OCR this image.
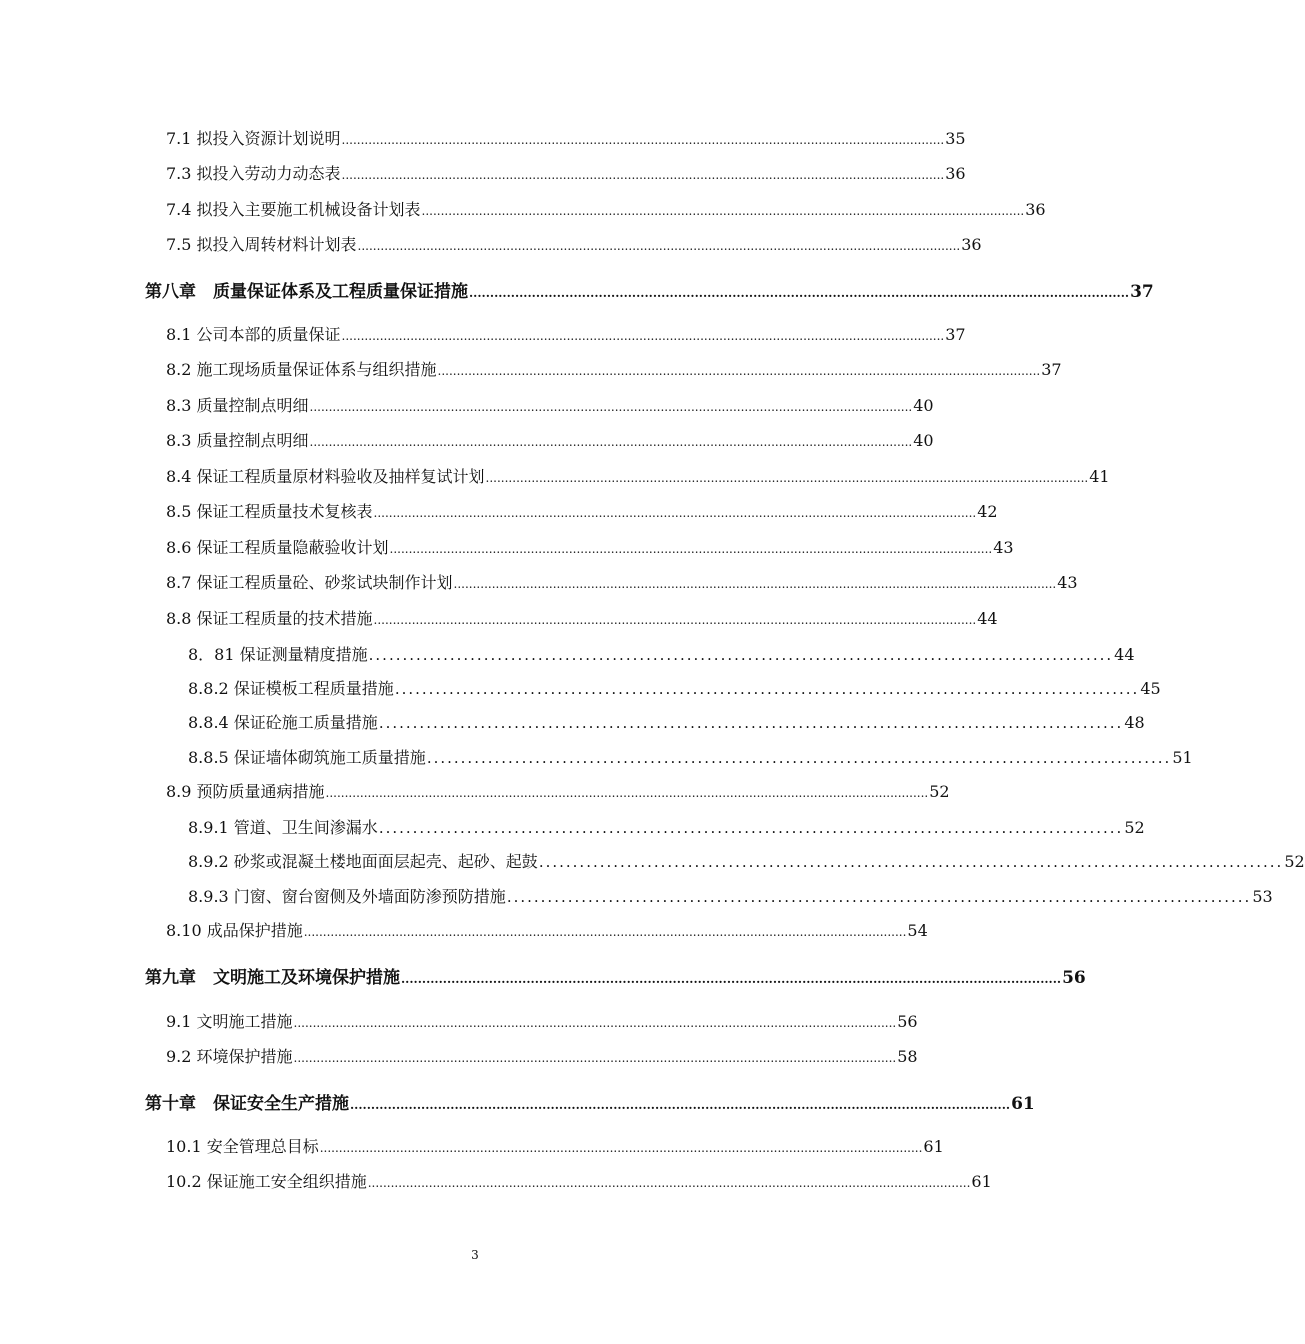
7.1 拟投入资源计划说明 .............................................................................................................................................................. 35
7.3 拟投入劳动力动态表 .............................................................................................................................................................. 36
7.4 拟投入主要施工机械设备计划表 .............................................................................................................................................................. 36
7.5 拟投入周转材料计划表 .............................................................................................................................................................. 36
第八章　质量保证体系及工程质量保证措施 .............................................................................................................................................................. 37
8.1 公司本部的质量保证 .............................................................................................................................................................. 37
8.2 施工现场质量保证体系与组织措施 .............................................................................................................................................................. 37
8.3 质量控制点明细 .............................................................................................................................................................. 40
8.3 质量控制点明细 .............................................................................................................................................................. 40
8.4 保证工程质量原材料验收及抽样复试计划 .............................................................................................................................................................. 41
8.5 保证工程质量技术复核表 .............................................................................................................................................................. 42
8.6 保证工程质量隐蔽验收计划 .............................................................................................................................................................. 43
8.7 保证工程质量砼、砂浆试块制作计划 .............................................................................................................................................................. 43
8.8 保证工程质量的技术措施 .............................................................................................................................................................. 44
8．81 保证测量精度措施 .............................................................................................................. 44
8.8.2 保证模板工程质量措施 .............................................................................................................. 45
8.8.4 保证砼施工质量措施 .............................................................................................................. 48
8.8.5 保证墙体砌筑施工质量措施 .............................................................................................................. 51
8.9 预防质量通病措施 .............................................................................................................................................................. 52
8.9.1 管道、卫生间渗漏水 .............................................................................................................. 52
8.9.2 砂浆或混凝土楼地面面层起壳、起砂、起鼓 .............................................................................................................. 52
8.9.3 门窗、窗台窗侧及外墙面防渗预防措施 .............................................................................................................. 53
8.10 成品保护措施 .............................................................................................................................................................. 54
第九章　文明施工及环境保护措施 .............................................................................................................................................................. 56
9.1 文明施工措施 .............................................................................................................................................................. 56
9.2 环境保护措施 .............................................................................................................................................................. 58
第十章　保证安全生产措施 .............................................................................................................................................................. 61
10.1 安全管理总目标 .............................................................................................................................................................. 61
10.2 保证施工安全组织措施 .............................................................................................................................................................. 61
3
